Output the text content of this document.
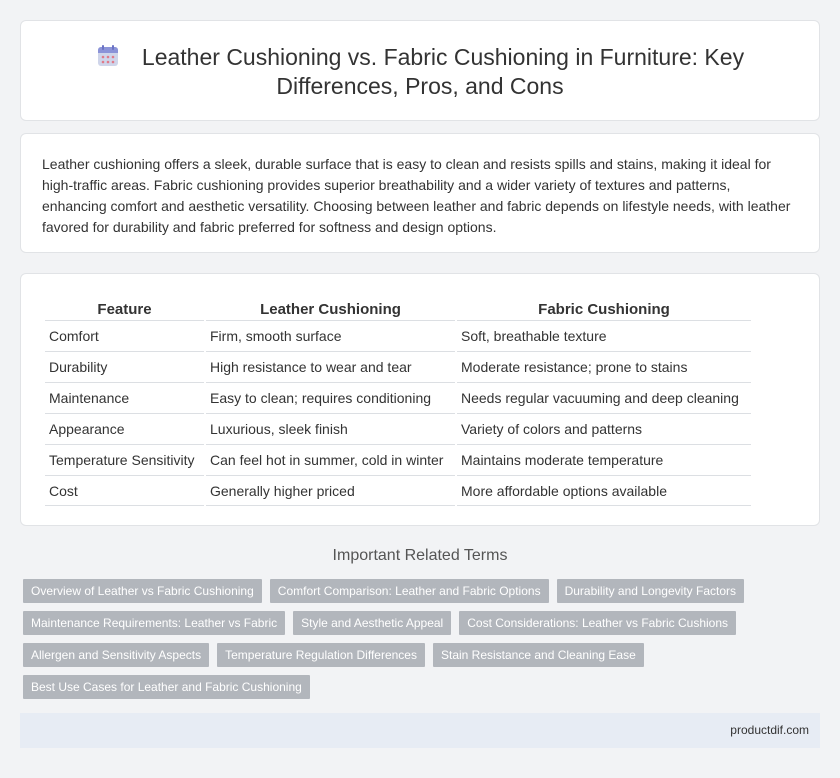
Leather Cushioning vs. Fabric Cushioning in Furniture: Key Differences, Pros, and Cons

Leather cushioning offers a sleek, durable surface that is easy to clean and resists spills and stains, making it ideal for high-traffic areas. Fabric cushioning provides superior breathability and a wider variety of textures and patterns, enhancing comfort and aesthetic versatility. Choosing between leather and fabric depends on lifestyle needs, with leather favored for durability and fabric preferred for softness and design options.

Feature	Leather Cushioning	Fabric Cushioning
Comfort	Firm, smooth surface	Soft, breathable texture
Durability	High resistance to wear and tear	Moderate resistance; prone to stains
Maintenance	Easy to clean; requires conditioning	Needs regular vacuuming and deep cleaning
Appearance	Luxurious, sleek finish	Variety of colors and patterns
Temperature Sensitivity	Can feel hot in summer, cold in winter	Maintains moderate temperature
Cost	Generally higher priced	More affordable options available
Important Related Terms
Overview of Leather vs Fabric Cushioning	Comfort Comparison: Leather and Fabric Options	Durability and Longevity Factors
Maintenance Requirements: Leather vs Fabric	Style and Aesthetic Appeal	Cost Considerations: Leather vs Fabric Cushions
Allergen and Sensitivity Aspects	Temperature Regulation Differences	Stain Resistance and Cleaning Ease
Best Use Cases for Leather and Fabric Cushioning
productdif.com
